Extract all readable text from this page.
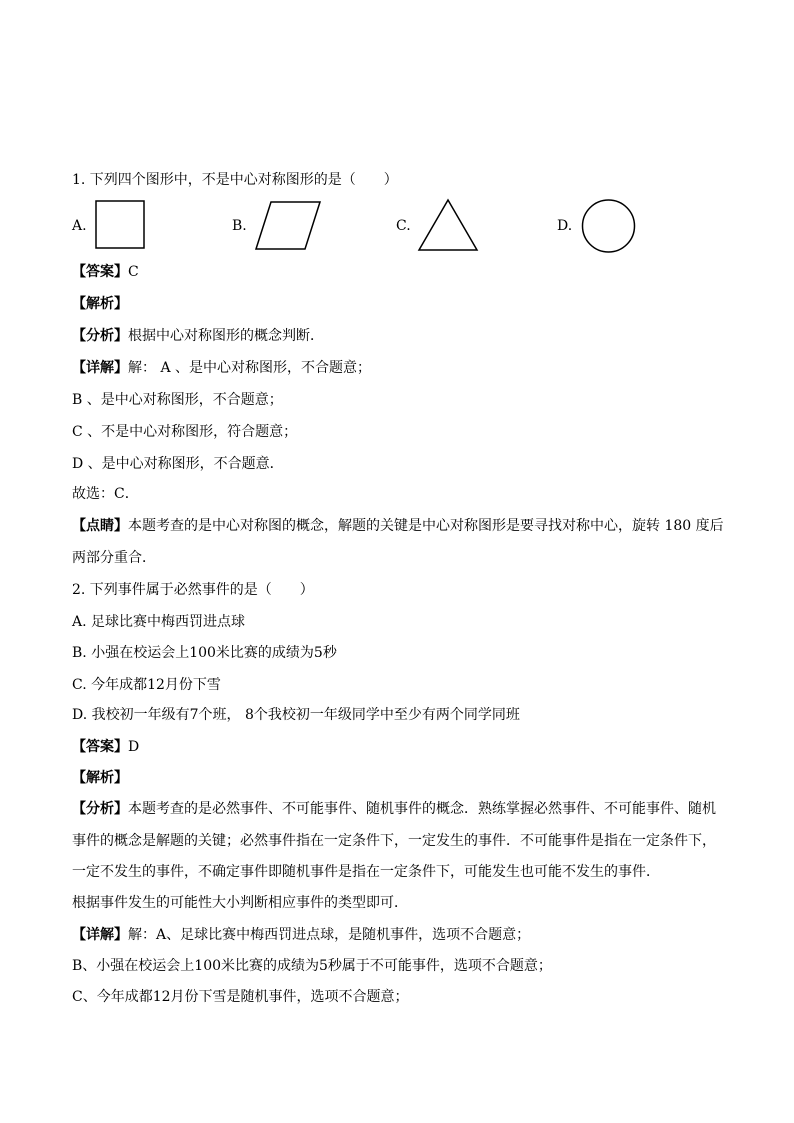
1. 下列四个图形中，不是中心对称图形的是（　　）
A.	B.	C.	D.
【答案】C
【解析】
【分析】根据中心对称图形的概念判断．
【详解】解： A 、是中心对称图形，不合题意；
B 、是中心对称图形，不合题意；
C 、不是中心对称图形，符合题意；
D 、是中心对称图形，不合题意．
故选：C．
【点睛】本题考查的是中心对称图的概念，解题的关键是中心对称图形是要寻找对称中心，旋转 180 度后
两部分重合．
2. 下列事件属于必然事件的是（　　）
A. 足球比赛中梅西罚进点球
B. 小强在校运会上100米比赛的成绩为5秒
C. 今年成都12月份下雪
D. 我校初一年级有7个班， 8个我校初一年级同学中至少有两个同学同班
【答案】D
【解析】
【分析】本题考查的是必然事件、不可能事件、随机事件的概念．熟练掌握必然事件、不可能事件、随机
事件的概念是解题的关键；必然事件指在一定条件下，一定发生的事件．不可能事件是指在一定条件下，
一定不发生的事件，不确定事件即随机事件是指在一定条件下，可能发生也可能不发生的事件．
根据事件发生的可能性大小判断相应事件的类型即可．
【详解】解：A、足球比赛中梅西罚进点球，是随机事件，选项不合题意；
B、小强在校运会上100米比赛的成绩为5秒属于不可能事件，选项不合题意；
C、今年成都12月份下雪是随机事件，选项不合题意；
